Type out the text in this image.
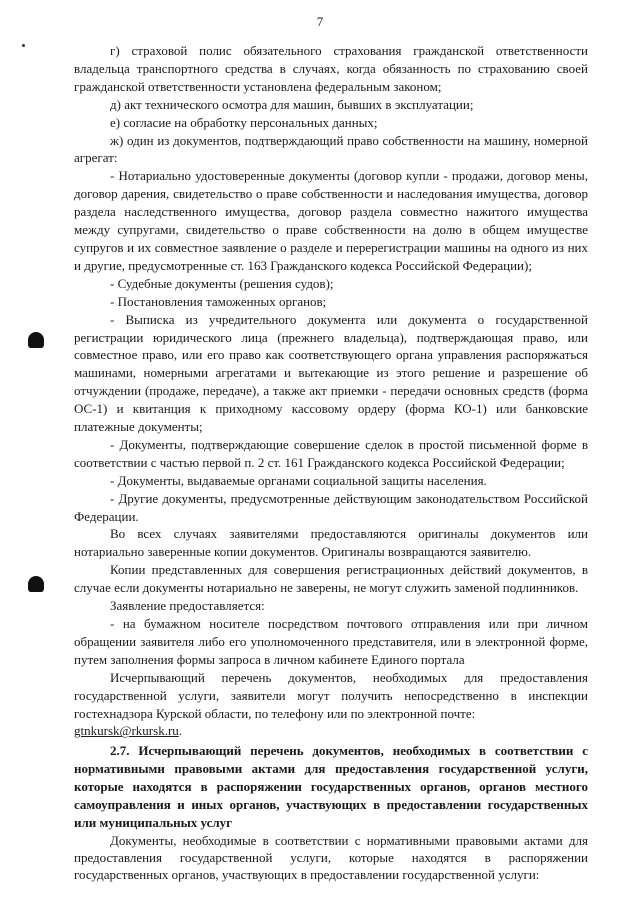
7

г) страховой полис обязательного страхования гражданской ответственности владельца транспортного средства в случаях, когда обязанность по страхованию своей гражданской ответственности установлена федеральным законом;

д) акт технического осмотра для машин, бывших в эксплуатации;

е) согласие на обработку персональных данных;

ж) один из документов, подтверждающий право собственности на машину, номерной агрегат:

- Нотариально удостоверенные документы (договор купли - продажи, договор мены, договор дарения, свидетельство о праве собственности и наследования имущества, договор раздела наследственного имущества, договор раздела совместно нажитого имущества между супругами, свидетельство о праве собственности на долю в общем имуществе супругов и их совместное заявление о разделе и перерегистрации машины на одного из них и другие, предусмотренные ст. 163 Гражданского кодекса Российской Федерации);

- Судебные документы (решения судов);

- Постановления таможенных органов;

- Выписка из учредительного документа или документа о государственной регистрации юридического лица (прежнего владельца), подтверждающая право, или совместное право, или его право как соответствующего органа управления распоряжаться машинами, номерными агрегатами и вытекающие из этого решение и разрешение об отчуждении (продаже, передаче), а также акт приемки - передачи основных средств (форма ОС-1) и квитанция к приходному кассовому ордеру (форма КО-1) или банковские платежные документы;

- Документы, подтверждающие совершение сделок в простой письменной форме в соответствии с частью первой п. 2 ст. 161 Гражданского кодекса Российской Федерации;

- Документы, выдаваемые органами социальной защиты населения.

- Другие документы, предусмотренные действующим законодательством Российской Федерации.

Во всех случаях заявителями предоставляются оригиналы документов или нотариально заверенные копии документов. Оригиналы возвращаются заявителю.

Копии представленных для совершения регистрационных действий документов, в случае если документы нотариально не заверены, не могут служить заменой подлинников.

Заявление предоставляется:

- на бумажном носителе посредством почтового отправления или при личном обращении заявителя либо его уполномоченного представителя, или в электронной форме, путем заполнения формы запроса в личном кабинете Единого портала

Исчерпывающий перечень документов, необходимых для предоставления государственной услуги, заявители могут получить непосредственно в инспекции гостехнадзора Курской области, по телефону или по электронной почте:

gtnkursk@rkursk.ru.

2.7. Исчерпывающий перечень документов, необходимых в соответствии с нормативными правовыми актами для предоставления государственной услуги, которые находятся в распоряжении государственных органов, органов местного самоуправления и иных органов, участвующих в предоставлении государственных или муниципальных услуг

Документы, необходимые в соответствии с нормативными правовыми актами для предоставления государственной услуги, которые находятся в распоряжении государственных органов, участвующих в предоставлении государственной услуги:
